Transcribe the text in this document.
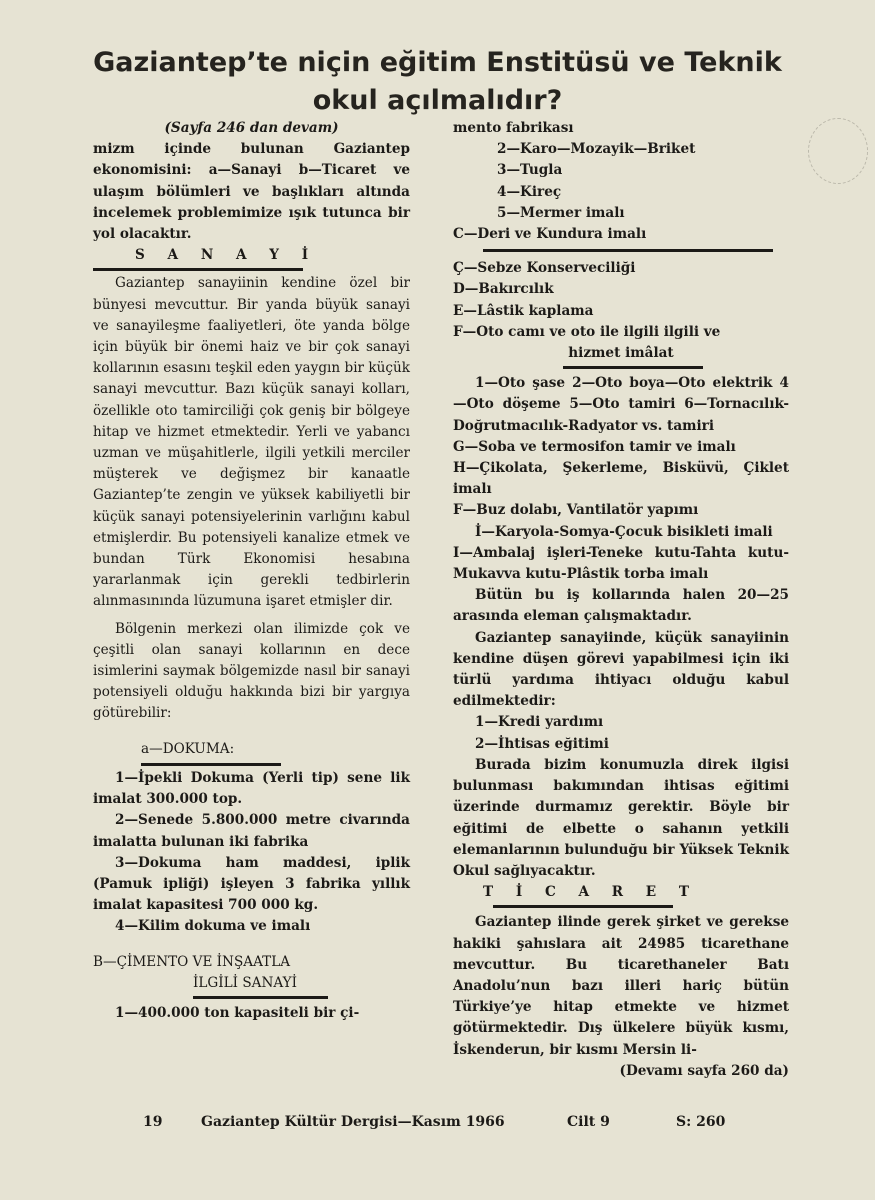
Gaziantep’te niçin eğitim Enstitüsü ve Teknik
okul açılmalıdır?

(Sayfa 246 dan devam)

mizm içinde bulunan Gaziantep ekonomisini: a—Sanayi b—Ticaret ve ulaşım bölümleri ve başlıkları altında incelemek problemimize ışık tutunca bir yol olacaktır.

S A N A Y İ

Gaziantep sanayiinin kendine özel bir bünyesi mevcuttur. Bir yanda büyük sanayi ve sanayileşme faaliyetleri, öte yanda bölge için büyük bir önemi haiz ve bir çok sanayi kollarının esasını teşkil eden yaygın bir küçük sanayi mevcuttur. Bazı küçük sanayi kolları, özellikle oto tamirciliği çok geniş bir bölgeye hitap ve hizmet etmektedir. Yerli ve yabancı uzman ve müşahitlerle, ilgili yetkili merciler müşterek ve değişmez bir kanaatle Gaziantep’te zengin ve yüksek kabiliyetli bir küçük sanayi potensiyelerinin varlığını kabul etmişlerdir. Bu potensiyeli kanalize etmek ve bundan Türk Ekonomisi hesabına yararlanmak için gerekli tedbirlerin alınmasınında lüzumuna işaret etmişler dir.

Bölgenin merkezi olan ilimizde çok ve çeşitli olan sanayi kollarının en dece isimlerini saymak bölgemizde nasıl bir sanayi potensiyeli olduğu hakkında bizi bir yargıya götürebilir:

a—DOKUMA:

1—İpekli Dokuma (Yerli tip) sene lik imalat 300.000 top.

2—Senede 5.800.000 metre civarında imalatta bulunan iki fabrika

3—Dokuma ham maddesi, iplik (Pamuk ipliği) işleyen 3 fabrika yıllık imalat kapasitesi 700 000 kg.

4—Kilim dokuma ve imalı

B—ÇİMENTO VE İNŞAATLA

İLGİLİ SANAYİ

1—400.000 ton kapasiteli bir çi-

mento fabrikası

2—Karo—Mozayik—Briket

3—Tugla

4—Kireç

5—Mermer imalı

C—Deri ve Kundura imalı

Ç—Sebze Konserveciliği

D—Bakırcılık

E—Lâstik kaplama

F—Oto camı ve oto ile ilgili ilgili ve

hizmet imâlat

1—Oto şase 2—Oto boya—Oto elektrik 4—Oto döşeme 5—Oto tamiri 6—Tornacılık- Doğrutmacılık-Radyator vs. tamiri

G—Soba ve termosifon tamir ve imalı

H—Çikolata, Şekerleme, Bisküvü, Çiklet imalı

F—Buz dolabı, Vantilatör yapımı

İ—Karyola-Somya-Çocuk bisikleti imali

I—Ambalaj işleri-Teneke kutu-Tahta kutu-Mukavva kutu-Plâstik torba imalı

Bütün bu iş kollarında halen 20—25 arasında eleman çalışmaktadır.

Gaziantep sanayiinde, küçük sanayiinin kendine düşen görevi yapabilmesi için iki türlü yardıma ihtiyacı olduğu kabul edilmektedir:

1—Kredi yardımı

2—İhtisas eğitimi

Burada bizim konumuzla direk ilgisi bulunması bakımından ihtisas eğitimi üzerinde durmamız gerektir. Böyle bir eğitimi de elbette o sahanın yetkili elemanlarının bulunduğu bir Yüksek Teknik Okul sağlıyacaktır.

T İ C A R E T

Gaziantep ilinde gerek şirket ve gerekse hakiki şahıslara ait 24985 ticarethane mevcuttur. Bu ticarethaneler Batı Anadolu’nun bazı illeri hariç bütün Türkiye’ye hitap etmekte ve hizmet götürmektedir. Dış ülkelere büyük kısmı, İskenderun, bir kısmı Mersin li-

(Devamı sayfa 260 da)

19	Gaziantep Kültür Dergisi—Kasım 1966	Cilt 9	S: 260
